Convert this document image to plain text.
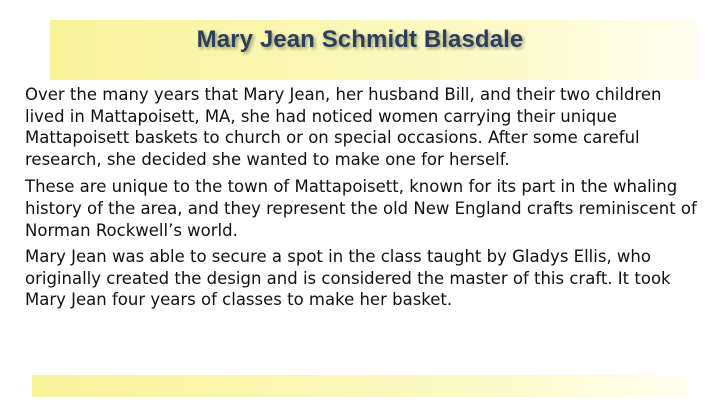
Mary Jean Schmidt Blasdale

Over the many years that Mary Jean, her husband Bill, and their two children lived in Mattapoisett, MA, she had noticed women carrying their unique Mattapoisett baskets to church or on special occasions. After some careful research, she decided she wanted to make one for herself.

These are unique to the town of Mattapoisett, known for its part in the whaling history of the area, and they represent the old New England crafts reminiscent of Norman Rockwell’s world.

Mary Jean was able to secure a spot in the class taught by Gladys Ellis, who originally created the design and is considered the master of this craft. It took Mary Jean four years of classes to make her basket.
